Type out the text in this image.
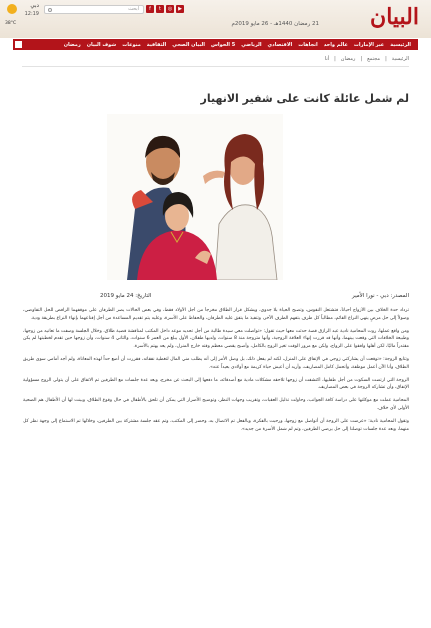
البيان
21 رمضان 1440هـ - 26 مايو 2019م
f	t	◎	▶
ابحث
دبي
12:19
38°C
الرئيسية
عبر الإمارات
عالم واحد
اتجاهات
الاقتصادي
الرياضي
5 الحواس
البيان الصحي
الثقافية
منوعات
شوف البيان
رمضان
الرئيسية
|
مجتمع
|
رمضان
|
أنا
لم شمل عائلة كانت على شفير الانهيار
المصدر: دبي - نورا الأمير
التاريخ: 24 مايو 2019

تزداد حدة الخلاف بين الأزواج أحياناً، فتشتعل النفوس، وتصبح الحياة بلا جدوى، ويشكل قرار الطلاق مخرجاً من أجل الأولاد فقط، وفي بعض الحالات يصر الطرفان على موقفهما الرافض للحل التفاوضي، وصولاً إلى حل مرضٍ ينهي النزاع القائم، مطالباً كل طرف بتفهم الطرف الآخر، وتنفيذ ما يتفق عليه الطرفان، والحفاظ على الأسرة، وعليه يتم تقديم المساعدة من أجل إقناعهما بإنهاء النزاع بطريقة ودية.

ومن واقع عملها، روت المحامية نادية عبد الرازق قصة حدثت معها حيث تقول: «تواصلت معي سيدة طالبة من أجل تحديد موعد داخل المكتب لمناقشة قضية طلاق، وخلال الجلسة وصفت ما تعانيه من زوجها، وطبيعة الخلافات التي وقعت بينهما، وأنها قد قررت إنهاء العلاقة الزوجية، وأنها متزوجة منذ 8 سنوات، ولديها طفلان، الأول يبلغ من العمر 6 سنوات، والثاني 4 سنوات، وأن زوجها حين تقدم لخطبتها لم يكن مقتدراً ماليًا، لكن أهلها وافقوا على الزواج، ولكن مع مرور الوقت تغير الزوج بالكامل، وأصبح يقضي معظم وقته خارج المنزل، ولم يعد يهتم بالأسرة.

وتتابع الزوجة: «توقعت أن يشاركني زوجي في الإنفاق على المنزل، لكنه لم يفعل ذلك، بل وصل الأمر إلى أنه يطلب مني المال لتغطية نفقاته، فقررت أن أضع حداً لهذه المعاناة، ولم أجد أمامي سوى طريق الطلاق، وأنا الآن أعمل موظفة، وأتحمل كامل المصاريف، وأريد أن أعيش حياة كريمة مع أولادي بعيداً عنه».

الزوجة التي ارتضت السكوت من أجل طفليها، اكتشفت أن زوجها تلاحقه مشكلات مادية مع أصدقائه، ما دفعها إلى البحث عن مخرج، وبعد عدة جلسات مع الطرفين تم الاتفاق على أن يتولى الزوج مسؤولية الإنفاق، وأن تشاركه الزوجة في بعض المصاريف.

المحامية عملت مع موكلتها على دراسة كافة الجوانب، وحاولت تذليل العقبات، وتقريب وجهات النظر، وتوضيح الأضرار التي يمكن أن تلحق بالأطفال في حال وقوع الطلاق، وبينت لها أن الأطفال هم الضحية الأولى لأي خلاف.

وتقول المحامية نادية: «عرضت على الزوجة أن أتواصل مع زوجها، ورحبت بالفكرة، وبالفعل تم الاتصال به، وحضر إلى المكتب، وتم عقد جلسة مشتركة بين الطرفين، وخلالها تم الاستماع إلى وجهة نظر كل منهما، وبعد عدة جلسات توصلنا إلى حل يرضي الطرفين، وتم لم شمل الأسرة من جديد».
